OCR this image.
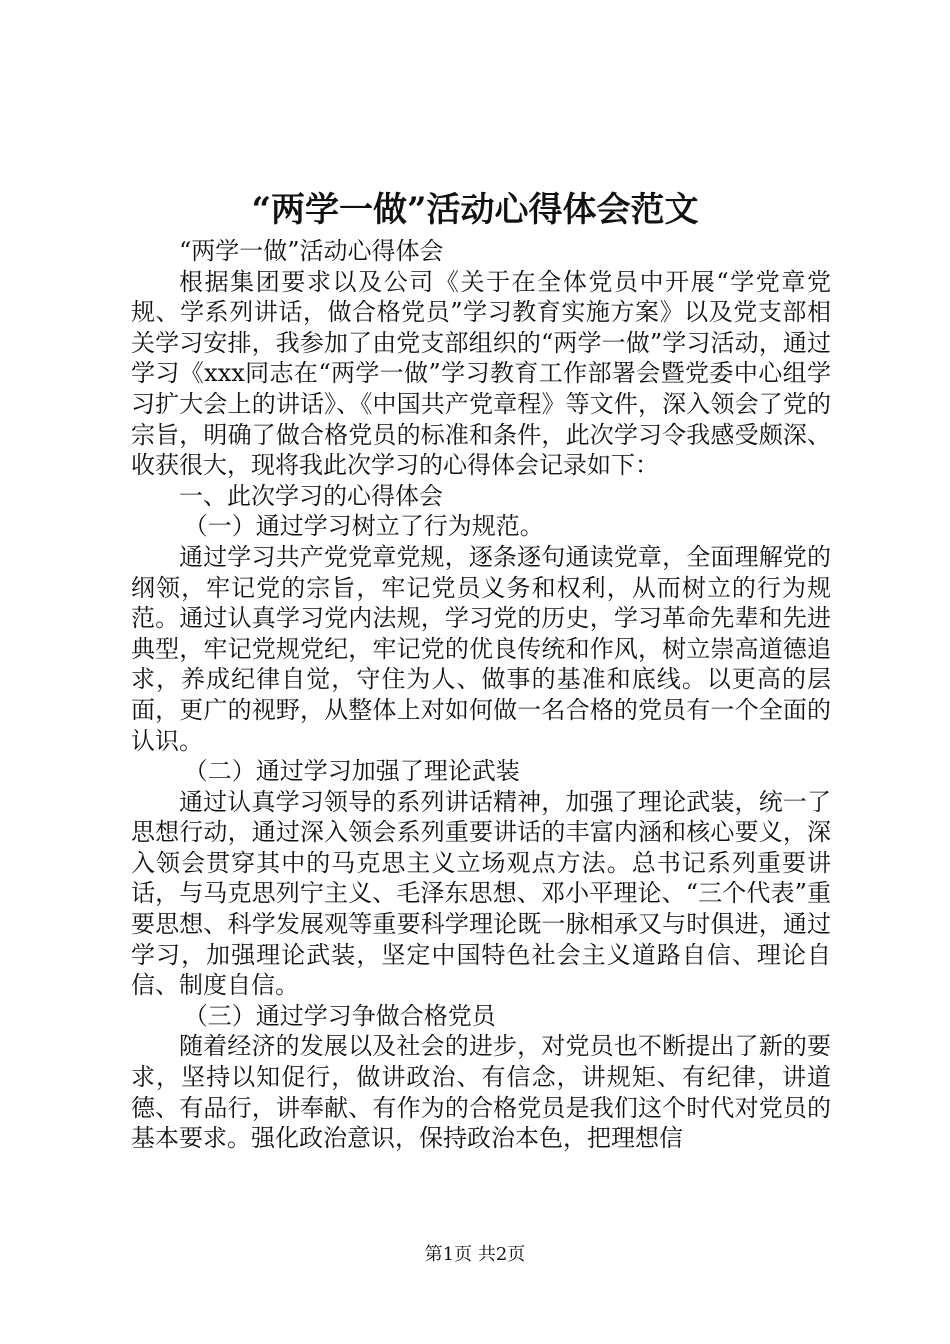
“两学一做”活动心得体会范文

“两学一做”活动心得体会

根据集团要求以及公司《关于在全体党员中开展“学党章党规、学系列讲话，做合格党员”学习教育实施方案》以及党支部相关学习安排，我参加了由党支部组织的“两学一做”学习活动，通过学习《xxx同志在“两学一做”学习教育工作部署会暨党委中心组学习扩大会上的讲话》、《中国共产党章程》等文件，深入领会了党的宗旨，明确了做合格党员的标准和条件，此次学习令我感受颇深、收获很大，现将我此次学习的心得体会记录如下：

一、此次学习的心得体会

（一）通过学习树立了行为规范。

通过学习共产党党章党规，逐条逐句通读党章，全面理解党的纲领，牢记党的宗旨，牢记党员义务和权利，从而树立的行为规范。通过认真学习党内法规，学习党的历史，学习革命先辈和先进典型，牢记党规党纪，牢记党的优良传统和作风，树立崇高道德追求，养成纪律自觉，守住为人、做事的基准和底线。以更高的层面，更广的视野，从整体上对如何做一名合格的党员有一个全面的认识。

（二）通过学习加强了理论武装

通过认真学习领导的系列讲话精神，加强了理论武装，统一了思想行动，通过深入领会系列重要讲话的丰富内涵和核心要义，深入领会贯穿其中的马克思主义立场观点方法。总书记系列重要讲话，与马克思列宁主义、毛泽东思想、邓小平理论、“三个代表”重要思想、科学发展观等重要科学理论既一脉相承又与时俱进，通过学习，加强理论武装，坚定中国特色社会主义道路自信、理论自信、制度自信。

（三）通过学习争做合格党员

随着经济的发展以及社会的进步，对党员也不断提出了新的要求，坚持以知促行，做讲政治、有信念，讲规矩、有纪律，讲道德、有品行，讲奉献、有作为的合格党员是我们这个时代对党员的基本要求。强化政治意识，保持政治本色，把理想信

第1页 共2页
